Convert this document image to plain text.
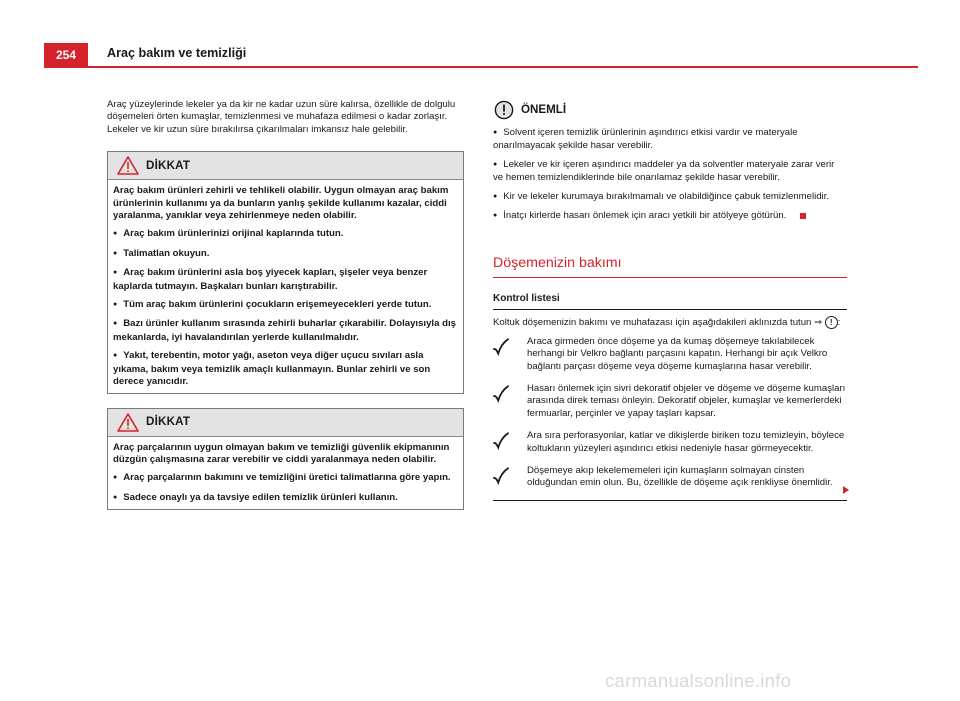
254	Araç bakım ve temizliği

Araç yüzeylerinde lekeler ya da kir ne kadar uzun süre kalırsa, özellikle de dolgulu döşemeleri örten kumaşlar, temizlenmesi ve muhafaza edilmesi o kadar zorlaşır. Lekeler ve kir uzun süre bırakılırsa çıkarılmaları imkansız hale gelebilir.

DİKKAT

Araç bakım ürünleri zehirli ve tehlikeli olabilir. Uygun olmayan araç bakım ürünlerinin kullanımı ya da bunların yanlış şekilde kullanımı kazalar, ciddi yaralanma, yanıklar veya zehirlenmeye neden olabilir.

● Araç bakım ürünlerinizi orijinal kaplarında tutun.

● Talimatlan okuyun.

● Araç bakım ürünlerini asla boş yiyecek kapları, şişeler veya benzer kaplarda tutmayın. Başkaları bunları karıştırabilir.

● Tüm araç bakım ürünlerini çocukların erişemeyecekleri yerde tutun.

● Bazı ürünler kullanım sırasında zehirli buharlar çıkarabilir. Dolayısıyla dış mekanlarda, iyi havalandırılan yerlerde kullanılmalıdır.

● Yakıt, terebentin, motor yağı, aseton veya diğer uçucu sıvıları asla yıkama, bakım veya temizlik amaçlı kullanmayın. Bunlar zehirli ve son derece yanıcıdır.

DİKKAT

Araç parçalarının uygun olmayan bakım ve temizliği güvenlik ekipmanının düzgün çalışmasına zarar verebilir ve ciddi yaralanmaya neden olabilir.

● Araç parçalarının bakımını ve temizliğini üretici talimatlarına göre yapın.

● Sadece onaylı ya da tavsiye edilen temizlik ürünleri kullanın.

ÖNEMLİ

● Solvent içeren temizlik ürünlerinin aşındırıcı etkisi vardır ve materyale onarılmayacak şekilde hasar verebilir.

● Lekeler ve kir içeren aşındırıcı maddeler ya da solventler materyale zarar verir ve hemen temizlendiklerinde bile onarılamaz şekilde hasar verebilir.

● Kir ve lekeler kurumaya bırakılmamalı ve olabildiğince çabuk temizlenmelidir.

● İnatçı kirlerde hasarı önlemek için aracı yetkili bir atölyeye götürün.

Döşemenizin bakımı
Kontrol listesi

Koltuk döşemenizin bakımı ve muhafazası için aşağıdakileri aklınızda tutun ⇒ ! :

Araca girmeden önce döşeme ya da kumaş döşemeye takılabilecek herhangi bir Velkro bağlantı parçasını kapatın. Herhangi bir açık Velkro bağlantı parçası döşeme veya döşeme kumaşlarına hasar verebilir.

Hasarı önlemek için sivri dekoratif objeler ve döşeme ve döşeme kumaşları arasında direk teması önleyin. Dekoratif objeler, kumaşlar ve kemerlerdeki fermuarlar, perçinler ve yapay taşları kapsar.

Ara sıra perforasyonlar, katlar ve dikişlerde biriken tozu temizleyin, böylece koltukların yüzeyleri aşındırıcı etkisi nedeniyle hasar görmeyecektir.

Döşemeye akıp lekelememeleri için kumaşların solmayan cinsten olduğundan emin olun. Bu, özellikle de döşeme açık renkliyse önemlidir.

carmanualsonline.info
